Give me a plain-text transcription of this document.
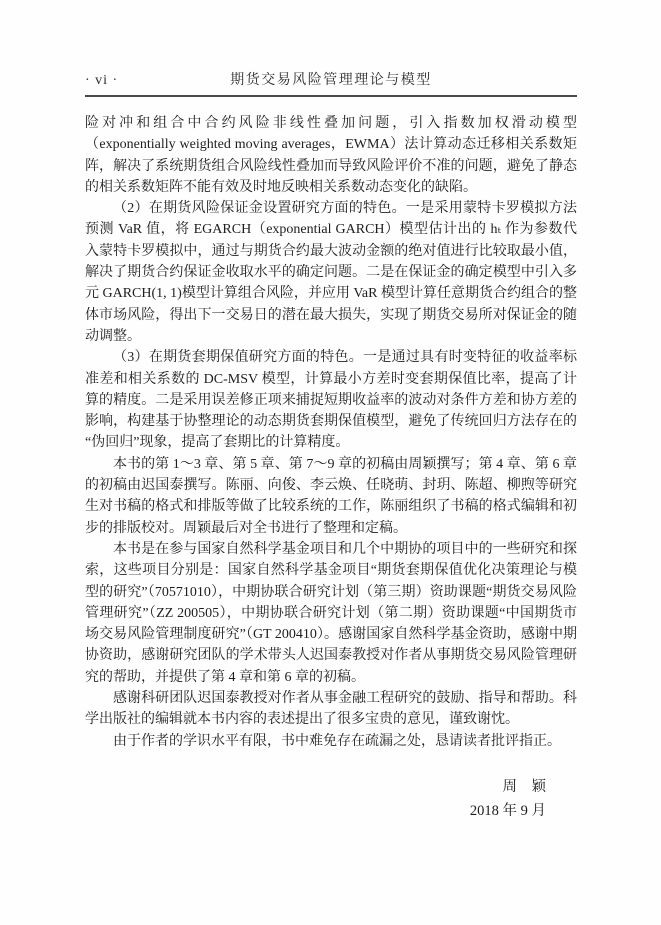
· vi ·	期货交易风险管理理论与模型

险对冲和组合中合约风险非线性叠加问题，引入指数加权滑动模型（exponentially weighted moving averages，EWMA）法计算动态迁移相关系数矩阵，解决了系统期货组合风险线性叠加而导致风险评价不准的问题，避免了静态的相关系数矩阵不能有效及时地反映相关系数动态变化的缺陷。

（2）在期货风险保证金设置研究方面的特色。一是采用蒙特卡罗模拟方法预测 VaR 值，将 EGARCH（exponential GARCH）模型估计出的 hₜ 作为参数代入蒙特卡罗模拟中，通过与期货合约最大波动金额的绝对值进行比较取最小值，解决了期货合约保证金收取水平的确定问题。二是在保证金的确定模型中引入多元 GARCH(1, 1)模型计算组合风险，并应用 VaR 模型计算任意期货合约组合的整体市场风险，得出下一交易日的潜在最大损失，实现了期货交易所对保证金的随动调整。

（3）在期货套期保值研究方面的特色。一是通过具有时变特征的收益率标准差和相关系数的 DC-MSV 模型，计算最小方差时变套期保值比率，提高了计算的精度。二是采用误差修正项来捕捉短期收益率的波动对条件方差和协方差的影响，构建基于协整理论的动态期货套期保值模型，避免了传统回归方法存在的“伪回归”现象，提高了套期比的计算精度。

本书的第 1～3 章、第 5 章、第 7～9 章的初稿由周颖撰写；第 4 章、第 6 章的初稿由迟国泰撰写。陈丽、向俊、李云焕、任晓萌、封玥、陈超、柳煦等研究生对书稿的格式和排版等做了比较系统的工作，陈丽组织了书稿的格式编辑和初步的排版校对。周颖最后对全书进行了整理和定稿。

本书是在参与国家自然科学基金项目和几个中期协的项目中的一些研究和探索，这些项目分别是：国家自然科学基金项目“期货套期保值优化决策理论与模型的研究”（70571010），中期协联合研究计划（第三期）资助课题“期货交易风险管理研究”（ZZ 200505），中期协联合研究计划（第二期）资助课题“中国期货市场交易风险管理制度研究”（GT 200410）。感谢国家自然科学基金资助，感谢中期协资助，感谢研究团队的学术带头人迟国泰教授对作者从事期货交易风险管理研究的帮助，并提供了第 4 章和第 6 章的初稿。

感谢科研团队迟国泰教授对作者从事金融工程研究的鼓励、指导和帮助。科学出版社的编辑就本书内容的表述提出了很多宝贵的意见，谨致谢忱。

由于作者的学识水平有限，书中难免存在疏漏之处，恳请读者批评指正。

周　颖
2018 年 9 月
